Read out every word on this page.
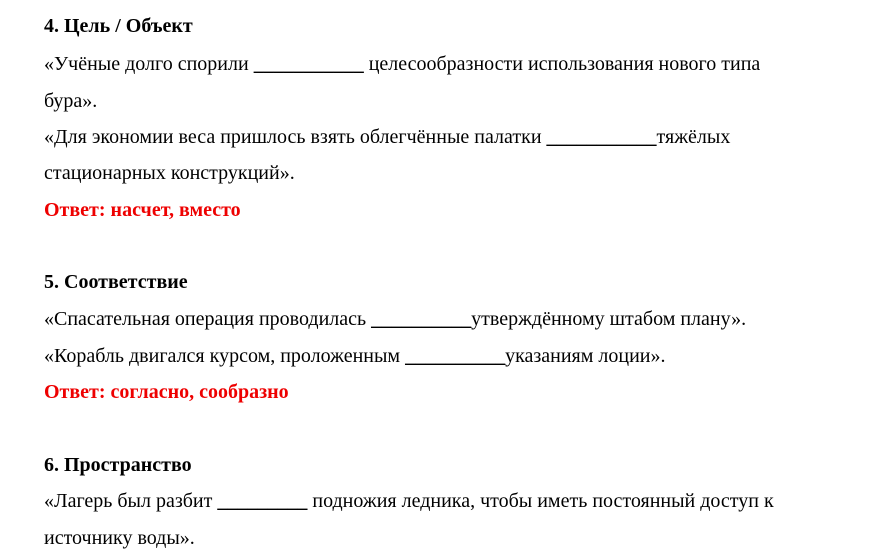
4. Цель / Объект
«Учёные долго спорили ___________ целесообразности использования нового типа
бура».
«Для экономии веса пришлось взять облегчённые палатки ___________тяжёлых
стационарных конструкций».
Ответ: насчет, вместо
5. Соответствие
«Спасательная операция проводилась __________утверждённому штабом плану».
«Корабль двигался курсом, проложенным __________указаниям лоции».
Ответ: согласно, сообразно
6. Пространство
«Лагерь был разбит _________ подножия ледника, чтобы иметь постоянный доступ к
источнику воды».
